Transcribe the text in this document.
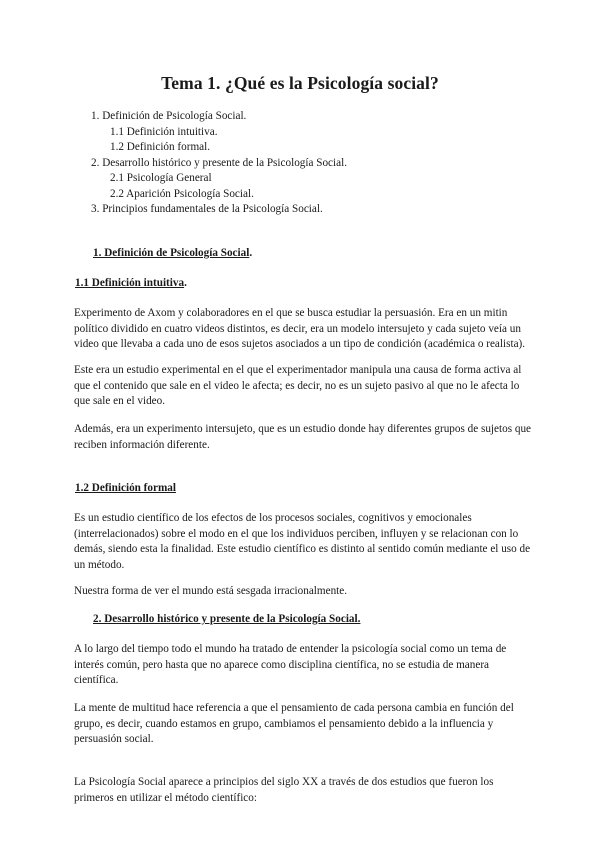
Tema 1. ¿Qué es la Psicología social?
1. Definición de Psicología Social.
1.1 Definición intuitiva.
1.2 Definición formal.
2. Desarrollo histórico y presente de la Psicología Social.
2.1 Psicología General
2.2 Aparición Psicología Social.
3. Principios fundamentales de la Psicología Social.

1. Definición de Psicología Social.

1.1 Definición intuitiva.

Experimento de Axom y colaboradores en el que se busca estudiar la persuasión. Era en un mitin
político dividido en cuatro videos distintos, es decir, era un modelo intersujeto y cada sujeto veía un
video que llevaba a cada uno de esos sujetos asociados a un tipo de condición (académica o realista).
Este era un estudio experimental en el que el experimentador manipula una causa de forma activa al
que el contenido que sale en el video le afecta; es decir, no es un sujeto pasivo al que no le afecta lo
que sale en el video.
Además, era un experimento intersujeto, que es un estudio donde hay diferentes grupos de sujetos que
reciben información diferente.

1.2 Definición formal

Es un estudio científico de los efectos de los procesos sociales, cognitivos y emocionales
(interrelacionados) sobre el modo en el que los individuos perciben, influyen y se relacionan con lo
demás, siendo esta la finalidad. Este estudio científico es distinto al sentido común mediante el uso de
un método.
Nuestra forma de ver el mundo está sesgada irracionalmente.

2. Desarrollo histórico y presente de la Psicología Social.

A lo largo del tiempo todo el mundo ha tratado de entender la psicología social como un tema de
interés común, pero hasta que no aparece como disciplina científica, no se estudia de manera
científica.
La mente de multitud hace referencia a que el pensamiento de cada persona cambia en función del
grupo, es decir, cuando estamos en grupo, cambiamos el pensamiento debido a la influencia y
persuasión social.
La Psicología Social aparece a principios del siglo XX a través de dos estudios que fueron los
primeros en utilizar el método científico:
